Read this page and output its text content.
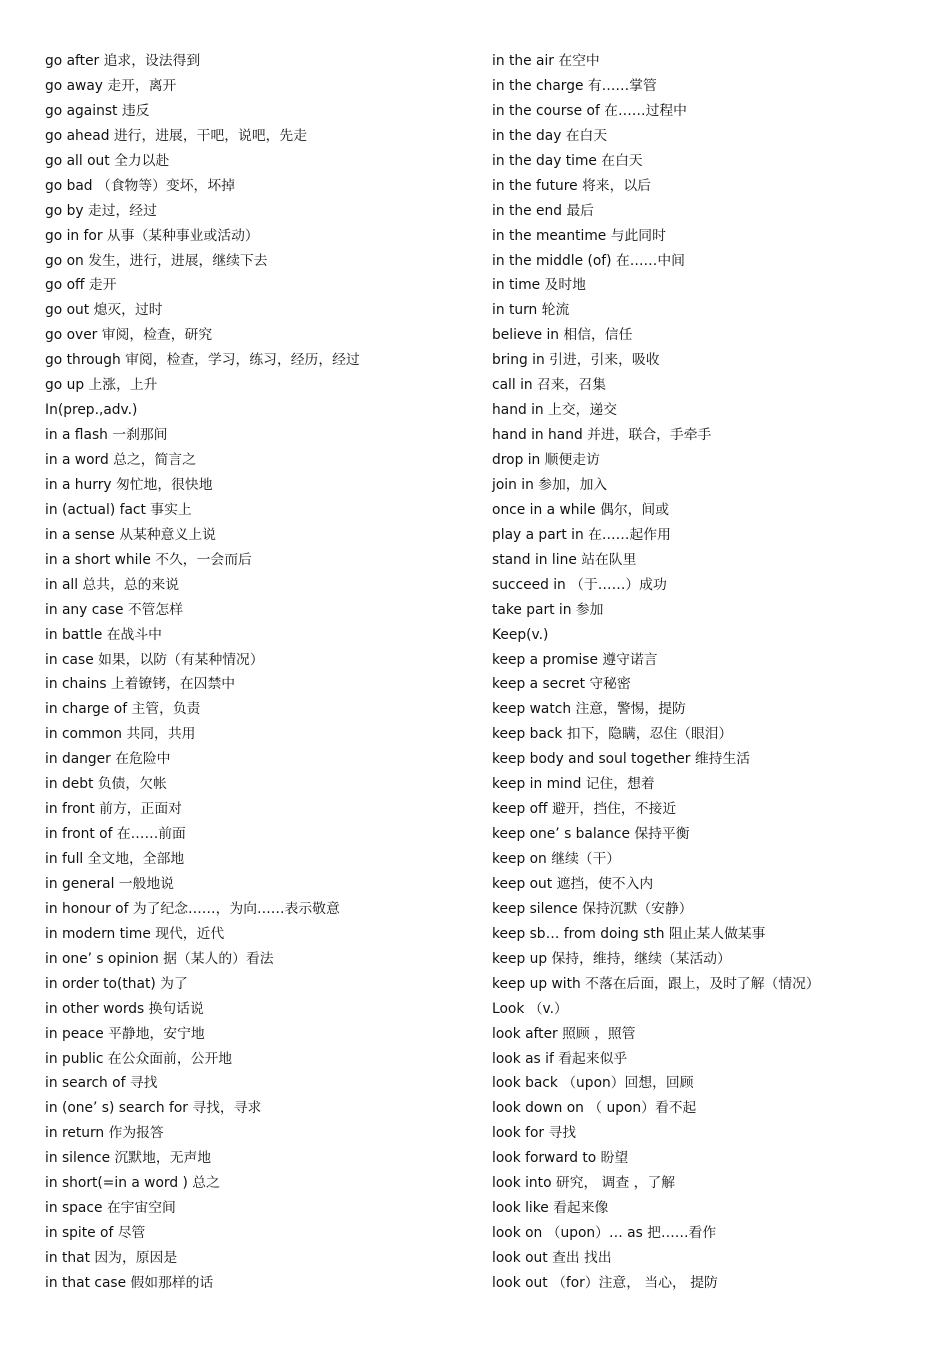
go after 追求，设法得到
go away 走开，离开
go against 违反
go ahead 进行，进展，干吧，说吧，先走
go all out 全力以赴
go bad （食物等）变坏，坏掉
go by 走过，经过
go in for 从事（某种事业或活动）
go on 发生，进行，进展，继续下去
go off 走开
go out 熄灭，过时
go over 审阅，检查，研究
go through 审阅，检查，学习，练习，经历，经过
go up 上涨，上升
In(prep.,adv.)
in a flash 一刹那间
in a word 总之，简言之
in a hurry 匆忙地，很快地
in (actual) fact 事实上
in a sense 从某种意义上说
in a short while 不久，一会而后
in all 总共，总的来说
in any case 不管怎样
in battle 在战斗中
in case 如果，以防（有某种情况）
in chains 上着镣铐，在囚禁中
in charge of 主管，负责
in common 共同，共用
in danger 在危险中
in debt 负债，欠帐
in front 前方，正面对
in front of 在……前面
in full 全文地，全部地
in general 一般地说
in honour of 为了纪念……，为向……表示敬意
in modern time 现代，近代
in one’ s opinion 据（某人的）看法
in order to(that) 为了
in other words 换句话说
in peace 平静地，安宁地
in public 在公众面前，公开地
in search of 寻找
in (one’ s) search for 寻找，寻求
in return 作为报答
in silence 沉默地，无声地
in short(=in a word ) 总之
in space 在宇宙空间
in spite of 尽管
in that 因为，原因是
in that case 假如那样的话
in the air 在空中
in the charge 有……掌管
in the course of 在……过程中
in the day 在白天
in the day time 在白天
in the future 将来，以后
in the end 最后
in the meantime 与此同时
in the middle (of) 在……中间
in time 及时地
in turn 轮流
believe in 相信，信任
bring in 引进，引来，吸收
call in 召来，召集
hand in 上交，递交
hand in hand 并进，联合，手牵手
drop in 顺便走访
join in 参加，加入
once in a while 偶尔，间或
play a part in 在……起作用
stand in line 站在队里
succeed in （于……）成功
take part in 参加
Keep(v.)
keep a promise 遵守诺言
keep a secret 守秘密
keep watch 注意，警惕，提防
keep back 扣下，隐瞒，忍住（眼泪）
keep body and soul together 维持生活
keep in mind 记住，想着
keep off 避开，挡住，不接近
keep one’ s balance 保持平衡
keep on 继续（干）
keep out 遮挡，使不入内
keep silence 保持沉默（安静）
keep sb… from doing sth 阻止某人做某事
keep up 保持，维持，继续（某活动）
keep up with 不落在后面，跟上，及时了解（情况）
Look （v.）
look after 照顾 ，照管
look as if 看起来似乎
look back （upon）回想，回顾
look down on （ upon）看不起
look for 寻找
look forward to 盼望
look into 研究， 调查 ，了解
look like 看起来像
look on （upon）… as 把……看作
look out 查出 找出
look out （for）注意， 当心， 提防
